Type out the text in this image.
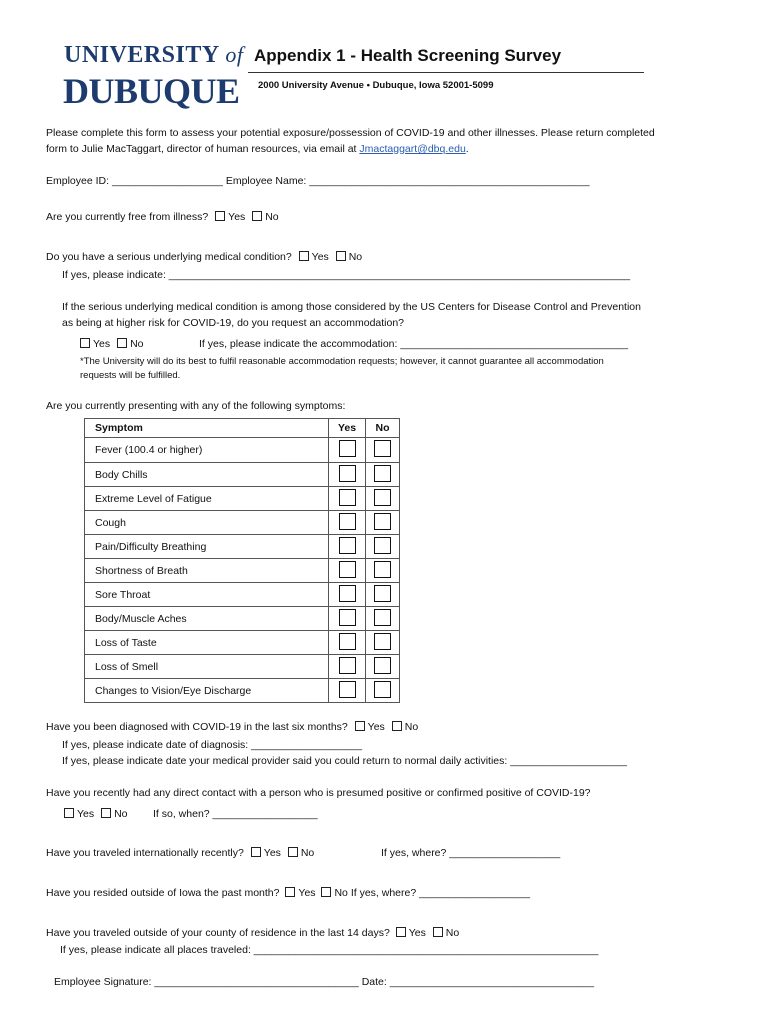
UNIVERSITY of
DUBUQUE
Appendix 1 - Health Screening Survey
2000 University Avenue • Dubuque, Iowa 52001-5099
Please complete this form to assess your potential exposure/possession of COVID-19 and other illnesses. Please return completed
form to Julie MacTaggart, director of human resources, via email at Jmactaggart@dbq.edu.
Employee ID: ___________________ Employee Name: ________________________________________________
Are you currently free from illness? Yes No
Do you have a serious underlying medical condition? Yes No
If yes, please indicate: _______________________________________________________________________________
If the serious underlying medical condition is among those considered by the US Centers for Disease Control and Prevention
as being at higher risk for COVID-19, do you request an accommodation?
Yes No	If yes, please indicate the accommodation: _______________________________________
*The University will do its best to fulfil reasonable accommodation requests; however, it cannot guarantee all accommodation
requests will be fulfilled.
Are you currently presenting with any of the following symptoms:
Symptom	Yes	No
Fever (100.4 or higher)		
Body Chills		
Extreme Level of Fatigue		
Cough		
Pain/Difficulty Breathing		
Shortness of Breath		
Sore Throat		
Body/Muscle Aches		
Loss of Taste		
Loss of Smell		
Changes to Vision/Eye Discharge		
Have you been diagnosed with COVID-19 in the last six months? Yes No
If yes, please indicate date of diagnosis: ___________________
If yes, please indicate date your medical provider said you could return to normal daily activities: ____________________
Have you recently had any direct contact with a person who is presumed positive or confirmed positive of COVID-19?
Yes No If so, when? __________________
Have you traveled internationally recently? Yes No	If yes, where? ___________________
Have you resided outside of Iowa the past month? Yes No If yes, where? ___________________
Have you traveled outside of your county of residence in the last 14 days? Yes No
If yes, please indicate all places traveled: ___________________________________________________________
Employee Signature: ___________________________________ Date: ___________________________________
